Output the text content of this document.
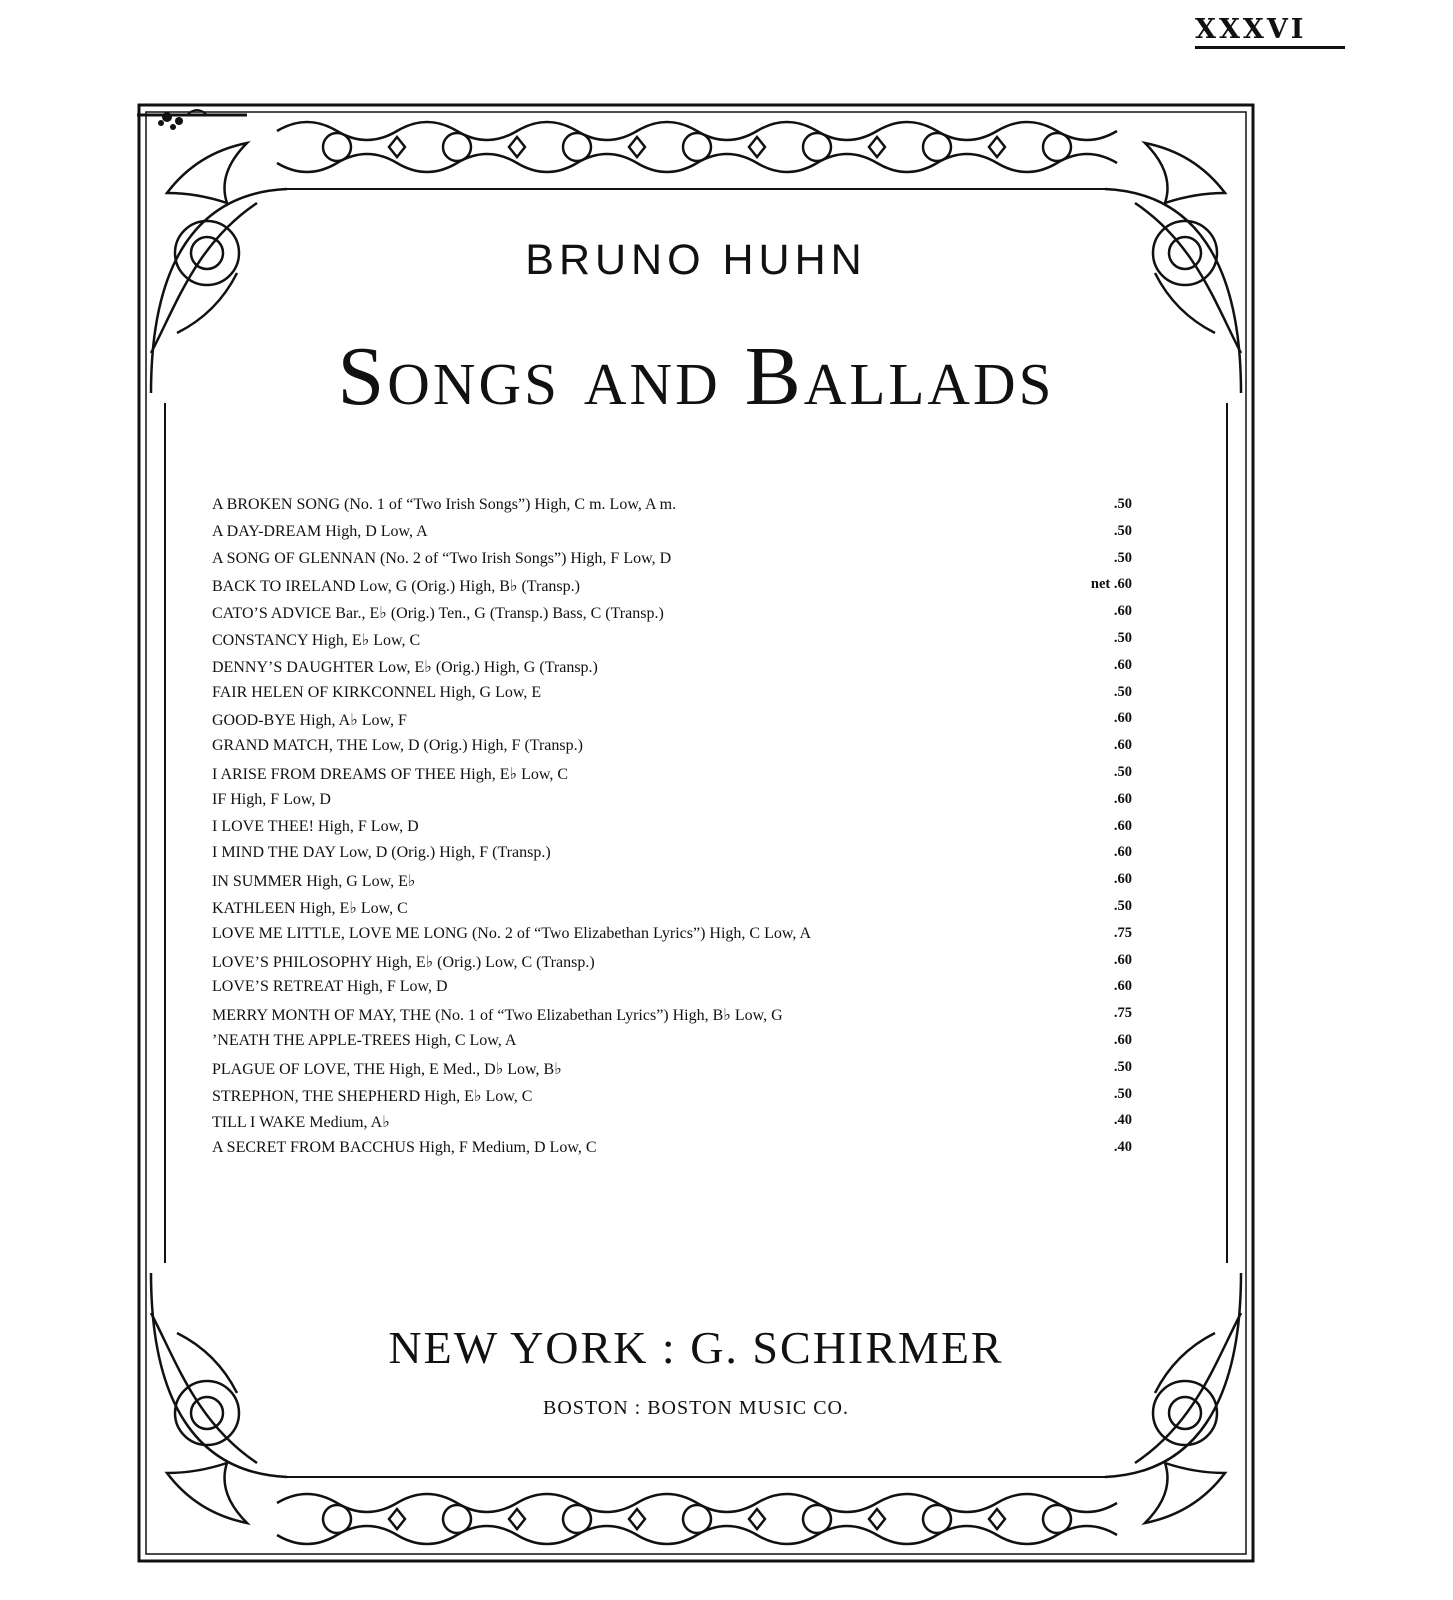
XXXVI
BRUNO HUHN
Songs and Ballads
A BROKEN SONG (No. 1 of “Two Irish Songs”) High, C m. Low, A m.	.50
A DAY-DREAM High, D Low, A	.50
A SONG OF GLENNAN (No. 2 of “Two Irish Songs”) High, F Low, D	.50
BACK TO IRELAND Low, G (Orig.) High, B♭ (Transp.)	net .60
CATO’S ADVICE Bar., E♭ (Orig.) Ten., G (Transp.) Bass, C (Transp.)	.60
CONSTANCY High, E♭ Low, C	.50
DENNY’S DAUGHTER Low, E♭ (Orig.) High, G (Transp.)	.60
FAIR HELEN OF KIRKCONNEL High, G Low, E	.50
GOOD-BYE High, A♭ Low, F	.60
GRAND MATCH, THE Low, D (Orig.) High, F (Transp.)	.60
I ARISE FROM DREAMS OF THEE High, E♭ Low, C	.50
IF High, F Low, D	.60
I LOVE THEE! High, F Low, D	.60
I MIND THE DAY Low, D (Orig.) High, F (Transp.)	.60
IN SUMMER High, G Low, E♭	.60
KATHLEEN High, E♭ Low, C	.50
LOVE ME LITTLE, LOVE ME LONG (No. 2 of “Two Elizabethan Lyrics”) High, C Low, A	.75
LOVE’S PHILOSOPHY High, E♭ (Orig.) Low, C (Transp.)	.60
LOVE’S RETREAT High, F Low, D	.60
MERRY MONTH OF MAY, THE (No. 1 of “Two Elizabethan Lyrics”) High, B♭ Low, G	.75
’NEATH THE APPLE-TREES High, C Low, A	.60
PLAGUE OF LOVE, THE High, E Med., D♭ Low, B♭	.50
STREPHON, THE SHEPHERD High, E♭ Low, C	.50
TILL I WAKE Medium, A♭	.40
A SECRET FROM BACCHUS High, F Medium, D Low, C	.40
NEW YORK : G. SCHIRMER
BOSTON : BOSTON MUSIC CO.
